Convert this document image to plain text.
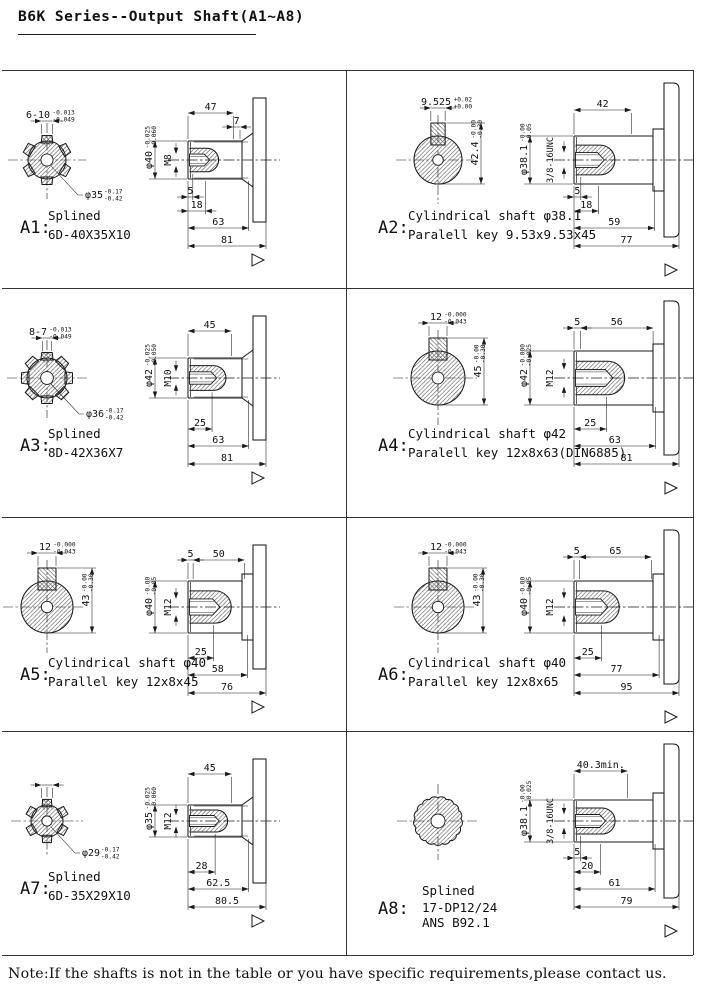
B6K Series--Output Shaft(A1~A8)
6-10 -0.013
-0.049
φ35 -0.17
-0.42
φ40
-0.025 -0.060
M8
47
7
5
18
63
81
9.525 +0.02
+0.00
42.4
-0.00 -0.30
φ38.1
-0.00 -0.05
3/8-16UNC
42
5
18
59
77
8-7 -0.013
-0.049
φ36 -0.17
-0.42
φ42
-0.025 -0.050
M10
45
25
63
81
12 -0.000
-0.043
45
-0.00 -0.30
φ42
-0.000 -0.025
M12
5	56
25
63
81
12 -0.000
-0.043
43
-0.00 -0.30
φ40
-0.00 -0.05
M12
5 50
25
58
76
12 -0.000
-0.043
43
-0.00 -0.30
φ40
-0.00 -0.05
M12
5	65
25
77
95
φ29 -0.17
-0.42
φ35
-0.025 -0.060
M12
45
28
62.5
80.5
φ38.1
-0.00 -0.025
3/8-16UNC
40.3min.
5
20
61
79
Note:If the shafts is not in the table or you have specific requirements,please contact us.
A1:
Splined
6D-40X35X10	A2:
Cylindrical shaft φ38.1
Paralell key 9.53x9.53x45
A3:
Splined
8D-42X36X7	A4:
Cylindrical shaft φ42
Paralell key 12x8x63(DIN6885)
A5:
Cylindrical shaft φ40
Parallel key 12x8x45	A6:
Cylindrical shaft φ40
Parallel key 12x8x65
A7:
Splined
6D-35X29X10
A8:
Splined
17-DP12/24
ANS B92.1
